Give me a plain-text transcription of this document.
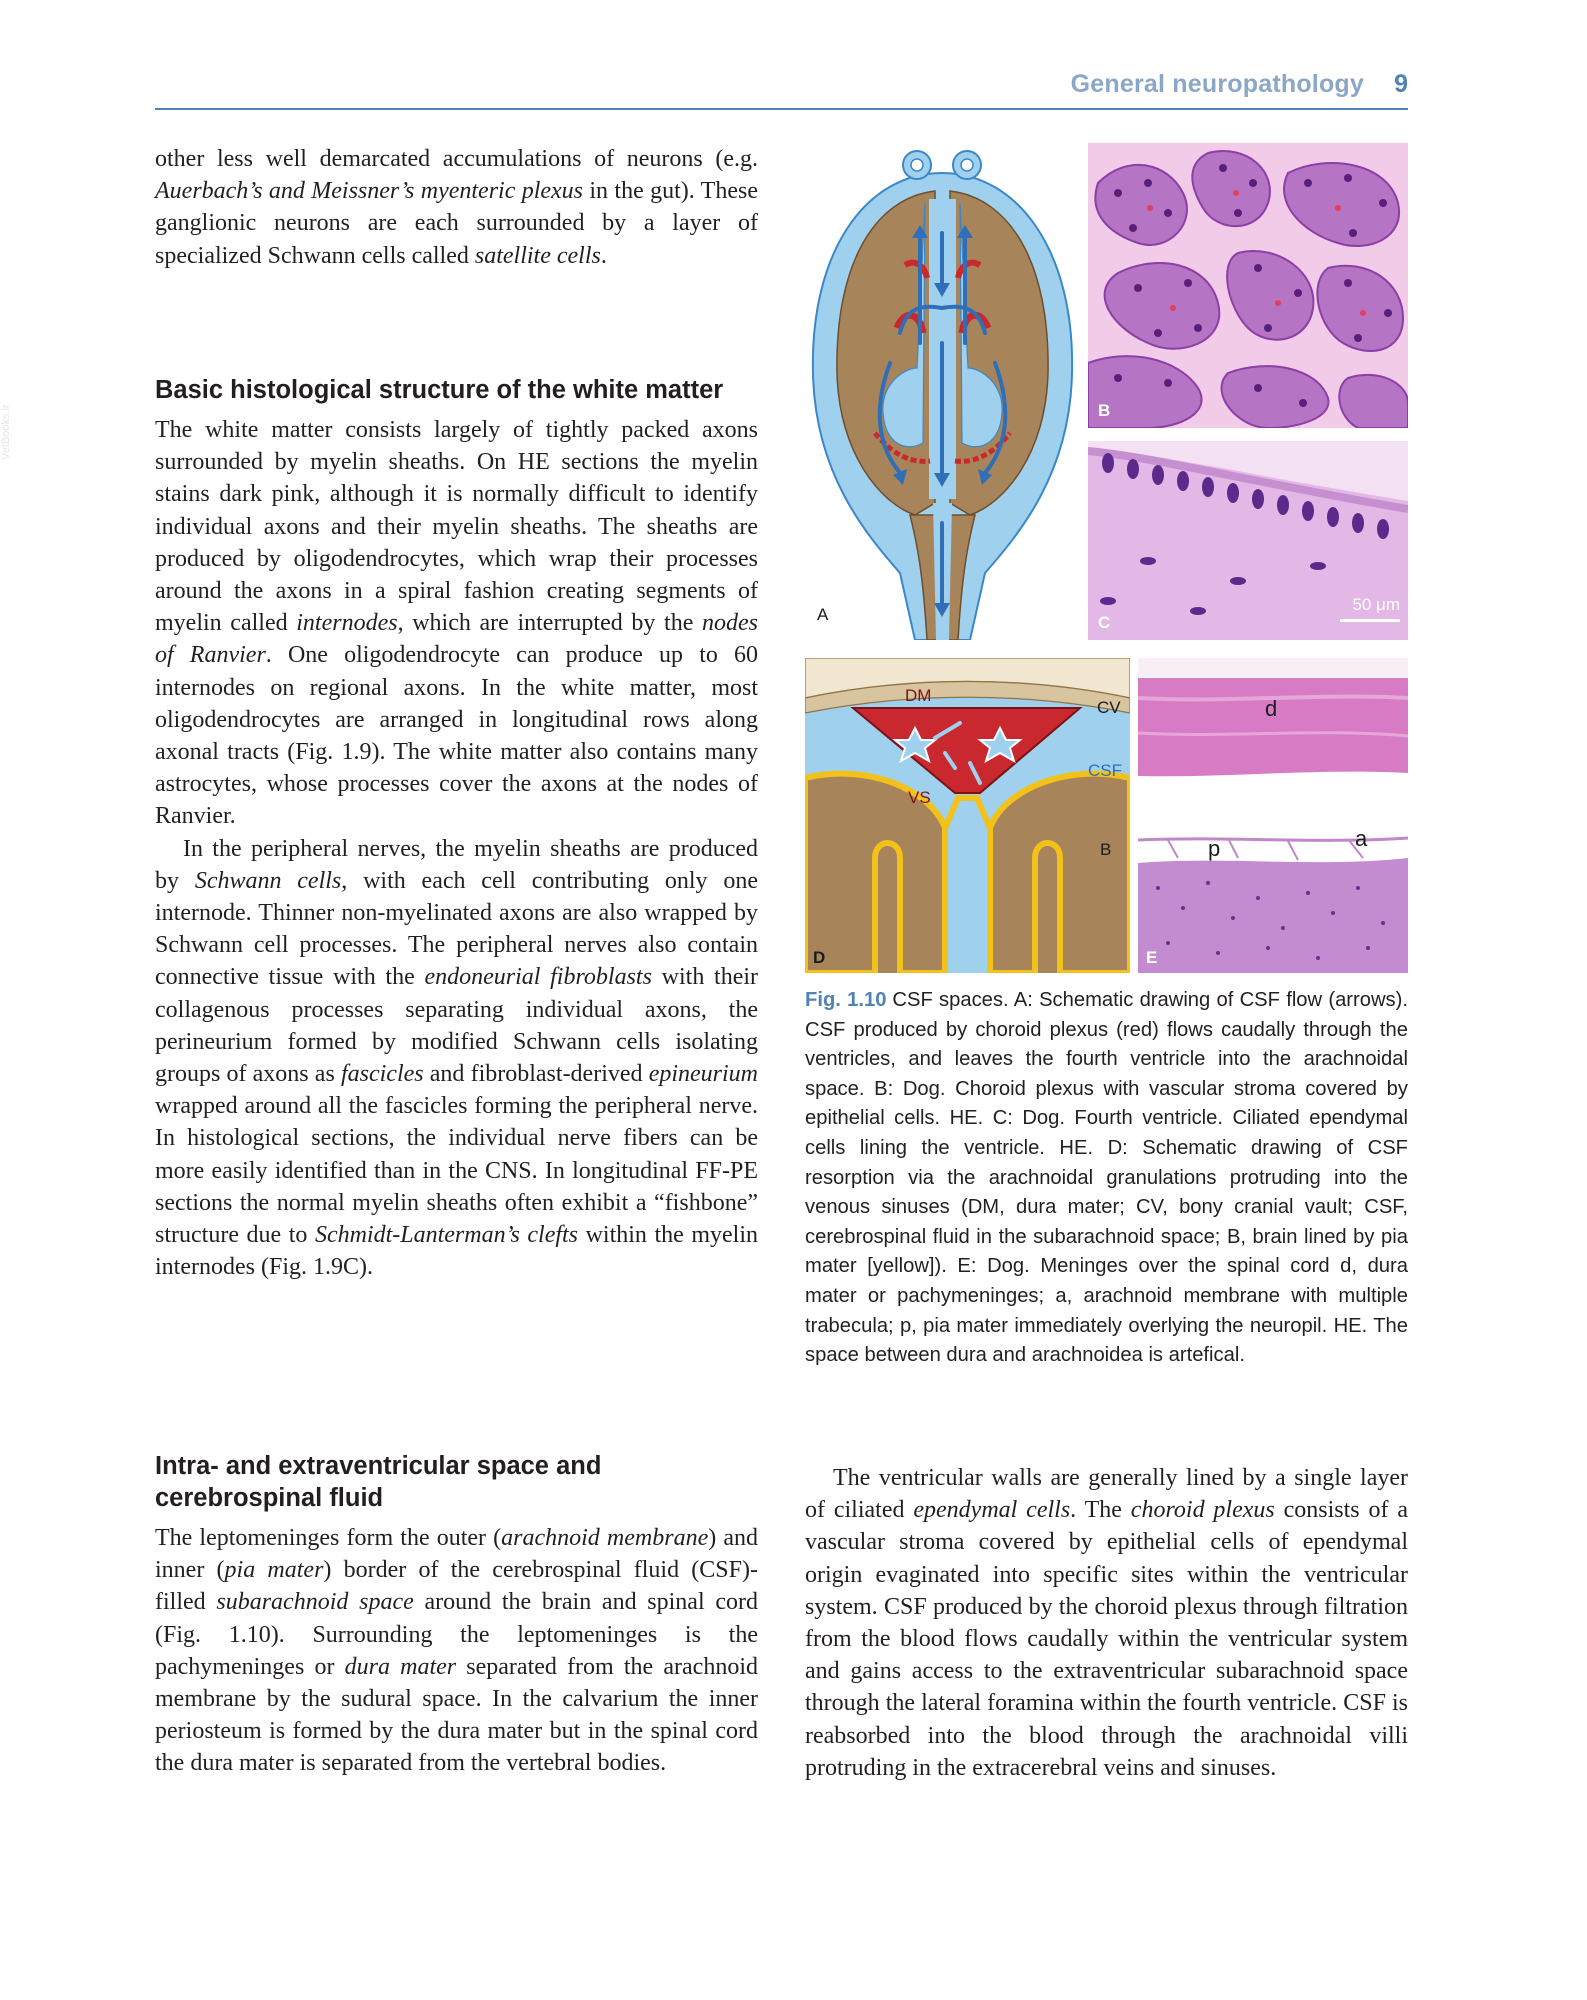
General neuropathology 9
VetBooks.ir

other less well demarcated accumulations of neurons (e.g. Auerbach’s and Meissner’s myenteric plexus in the gut). These ganglionic neurons are each surrounded by a layer of specialized Schwann cells called satellite cells.

Basic histological structure of the white matter

The white matter consists largely of tightly packed axons surrounded by myelin sheaths. On HE sections the myelin stains dark pink, although it is normally difficult to identify individual axons and their myelin sheaths. The sheaths are produced by oligodendrocytes, which wrap their processes around the axons in a spiral fashion creating segments of myelin called internodes, which are interrupted by the nodes of Ranvier. One oligodendrocyte can produce up to 60 internodes on regional axons. In the white matter, most oligodendrocytes are arranged in longitudinal rows along axonal tracts (Fig. 1.9). The white matter also contains many astrocytes, whose processes cover the axons at the nodes of Ranvier.

In the peripheral nerves, the myelin sheaths are produced by Schwann cells, with each cell contributing only one internode. Thinner non-myelinated axons are also wrapped by Schwann cell processes. The peripheral nerves also contain connective tissue with the endoneurial fibroblasts with their collagenous processes separating individual axons, the perineurium formed by modified Schwann cells isolating groups of axons as fascicles and fibroblast-derived epineurium wrapped around all the fascicles forming the peripheral nerve. In histological sections, the individual nerve fibers can be more easily identified than in the CNS. In longitudinal FF-PE sections the normal myelin sheaths often exhibit a “fishbone” structure due to Schmidt-Lanterman’s clefts within the myelin internodes (Fig. 1.9C).

Intra- and extraventricular space and cerebrospinal fluid

The leptomeninges form the outer (arachnoid membrane) and inner (pia mater) border of the cerebrospinal fluid (CSF)-filled subarachnoid space around the brain and spinal cord (Fig. 1.10). Surrounding the leptomeninges is the pachymeninges or dura mater separated from the arachnoid membrane by the sudural space. In the calvarium the inner periosteum is formed by the dura mater but in the spinal cord the dura mater is separated from the vertebral bodies.

The ventricular walls are generally lined by a single layer of ciliated ependymal cells. The choroid plexus consists of a vascular stroma covered by epithelial cells of ependymal origin evaginated into specific sites within the ventricular system. CSF produced by the choroid plexus through filtration from the blood flows caudally within the ventricular system and gains access to the extraventricular subarachnoid space through the lateral foramina within the fourth ventricle. CSF is reabsorbed into the blood through the arachnoidal villi protruding in the extracerebral veins and sinuses.

A
B
C
50 μm
DM
CV
CSF
VS
B
D
d
a
p
E
Fig. 1.10 CSF spaces. A: Schematic drawing of CSF flow (arrows). CSF produced by choroid plexus (red) flows caudally through the ventricles, and leaves the fourth ventricle into the arachnoidal space. B: Dog. Choroid plexus with vascular stroma covered by epithelial cells. HE. C: Dog. Fourth ventricle. Ciliated ependymal cells lining the ventricle. HE. D: Schematic drawing of CSF resorption via the arachnoidal granulations protruding into the venous sinuses (DM, dura mater; CV, bony cranial vault; CSF, cerebrospinal fluid in the subarachnoid space; B, brain lined by pia mater [yellow]). E: Dog. Meninges over the spinal cord d, dura mater or pachymeninges; a, arachnoid membrane with multiple trabecula; p, pia mater immediately overlying the neuropil. HE. The space between dura and arachnoidea is artefical.
